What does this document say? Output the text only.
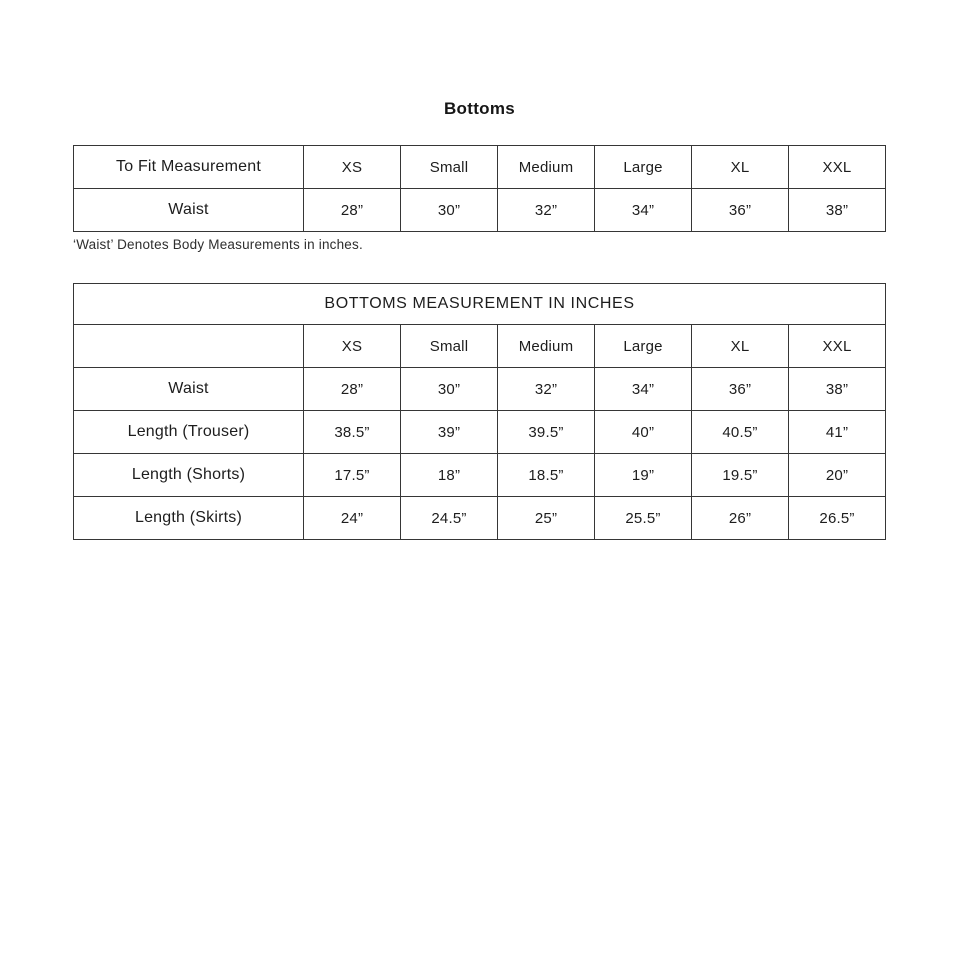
Bottoms
To Fit Measurement	XS	Small	Medium	Large	XL	XXL
Waist	28”	30”	32”	34”	36”	38”
‘Waist’ Denotes Body Measurements in inches.
BOTTOMS MEASUREMENT IN INCHES						
	XS	Small	Medium	Large	XL	XXL
Waist	28”	30”	32”	34”	36”	38”
Length (Trouser)	38.5”	39”	39.5”	40”	40.5”	41”
Length (Shorts)	17.5”	18”	18.5”	19”	19.5”	20”
Length (Skirts)	24”	24.5”	25”	25.5”	26”	26.5”
